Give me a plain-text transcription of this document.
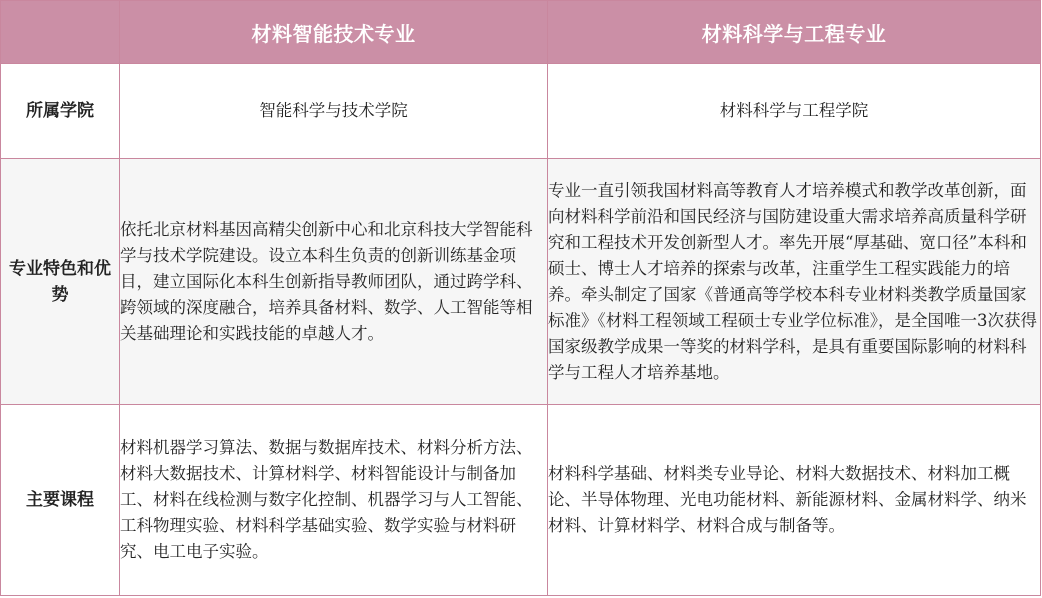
	材料智能技术专业	材料科学与工程专业
所属学院	智能科学与技术学院	材料科学与工程学院
专业特色和优势	依托北京材料基因高精尖创新中心和北京科技大学智能科学与技术学院建设。设立本科生负责的创新训练基金项目，建立国际化本科生创新指导教师团队，通过跨学科、跨领域的深度融合，培养具备材料、数学、人工智能等相关基础理论和实践技能的卓越人才。	专业一直引领我国材料高等教育人才培养模式和教学改革创新，面向材料科学前沿和国民经济与国防建设重大需求培养高质量科学研究和工程技术开发创新型人才。率先开展“厚基础、宽口径”本科和硕士、博士人才培养的探索与改革，注重学生工程实践能力的培养。牵头制定了国家《普通高等学校本科专业材料类教学质量国家标准》《材料工程领域工程硕士专业学位标准》，是全国唯一3次获得国家级教学成果一等奖的材料学科，是具有重要国际影响的材料科学与工程人才培养基地。
主要课程	材料机器学习算法、数据与数据库技术、材料分析方法、材料大数据技术、计算材料学、材料智能设计与制备加工、材料在线检测与数字化控制、机器学习与人工智能、工科物理实验、材料科学基础实验、数学实验与材料研究、电工电子实验。	材料科学基础、材料类专业导论、材料大数据技术、材料加工概论、半导体物理、光电功能材料、新能源材料、金属材料学、纳米材料、计算材料学、材料合成与制备等。
